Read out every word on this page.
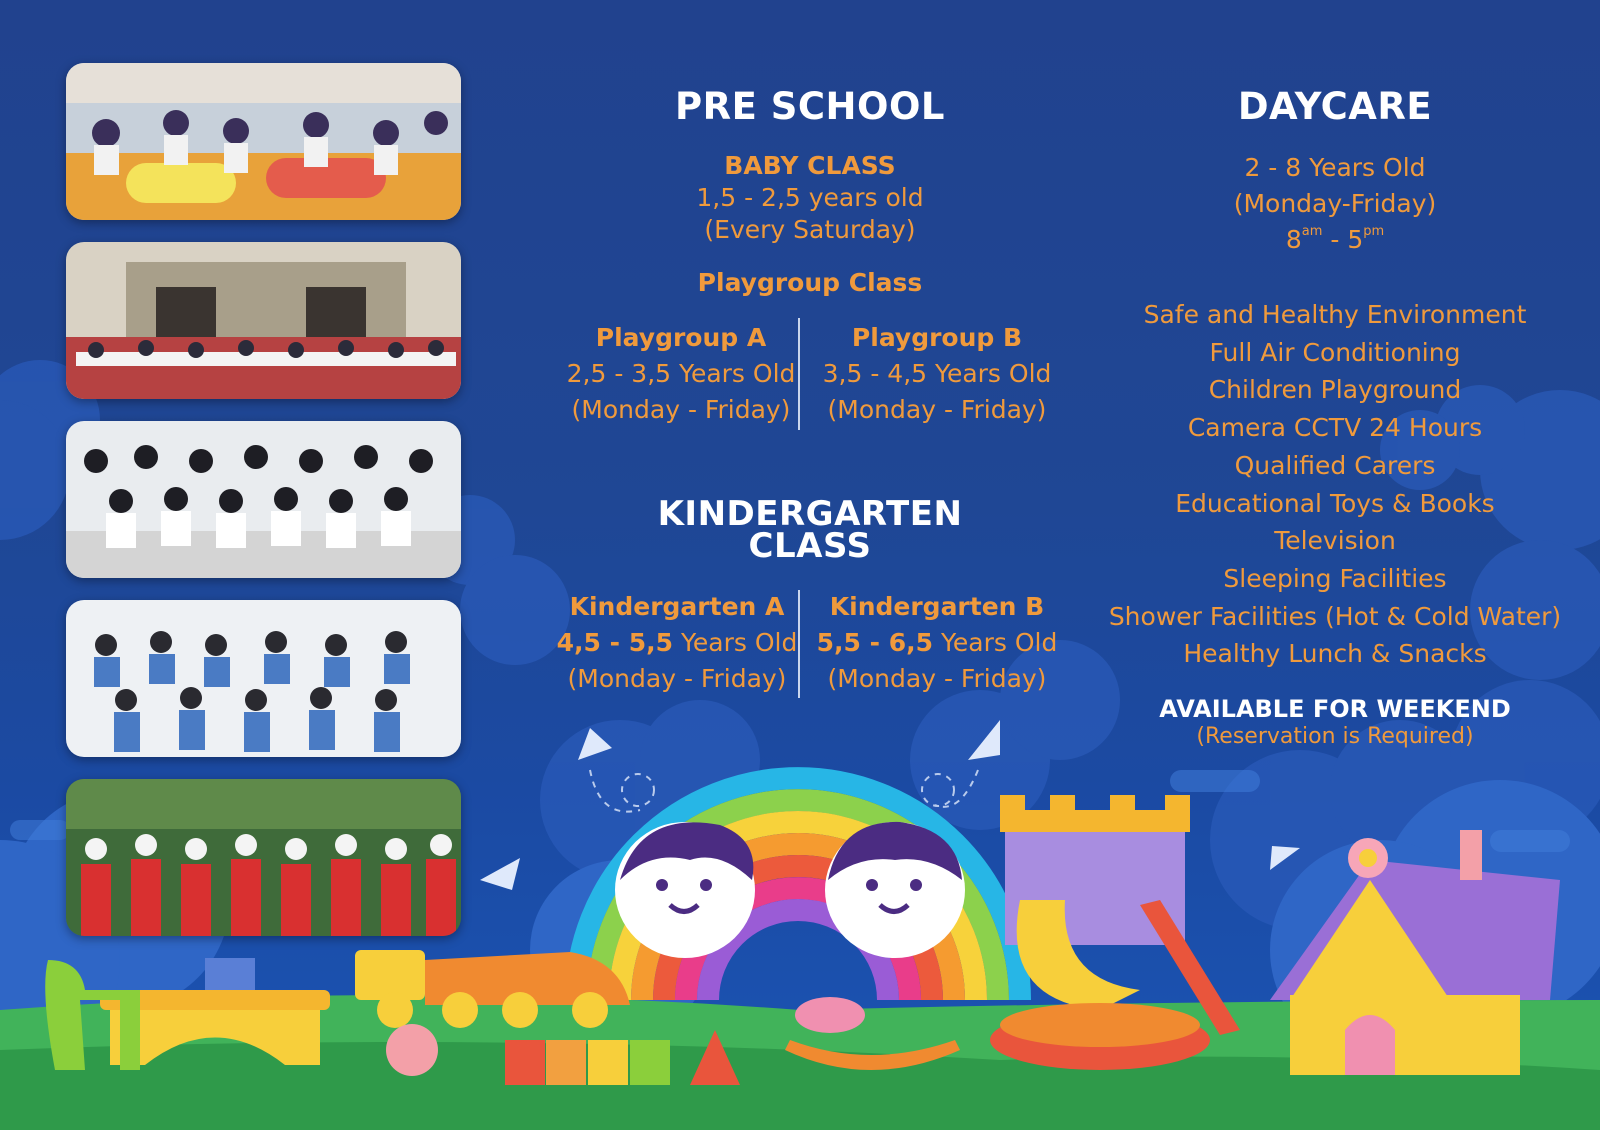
PRE SCHOOL
BABY CLASS
1,5 - 2,5 years old
(Every Saturday)
Playgroup Class
Playgroup A
2,5 - 3,5 Years Old
(Monday - Friday)
Playgroup B
3,5 - 4,5 Years Old
(Monday - Friday)
KINDERGARTEN
CLASS
Kindergarten A
4,5 - 5,5 Years Old
(Monday - Friday)
Kindergarten B
5,5 - 6,5 Years Old
(Monday - Friday)
DAYCARE
2 - 8 Years Old
(Monday-Friday)
$8^{am} - 5^{pm}$
Safe and Healthy Environment
Full Air Conditioning
Children Playground
Camera CCTV 24 Hours
Qualified Carers
Educational Toys & Books
Television
Sleeping Facilities
Shower Facilities (Hot & Cold Water)
Healthy Lunch & Snacks
AVAILABLE FOR WEEKEND
(Reservation is Required)
